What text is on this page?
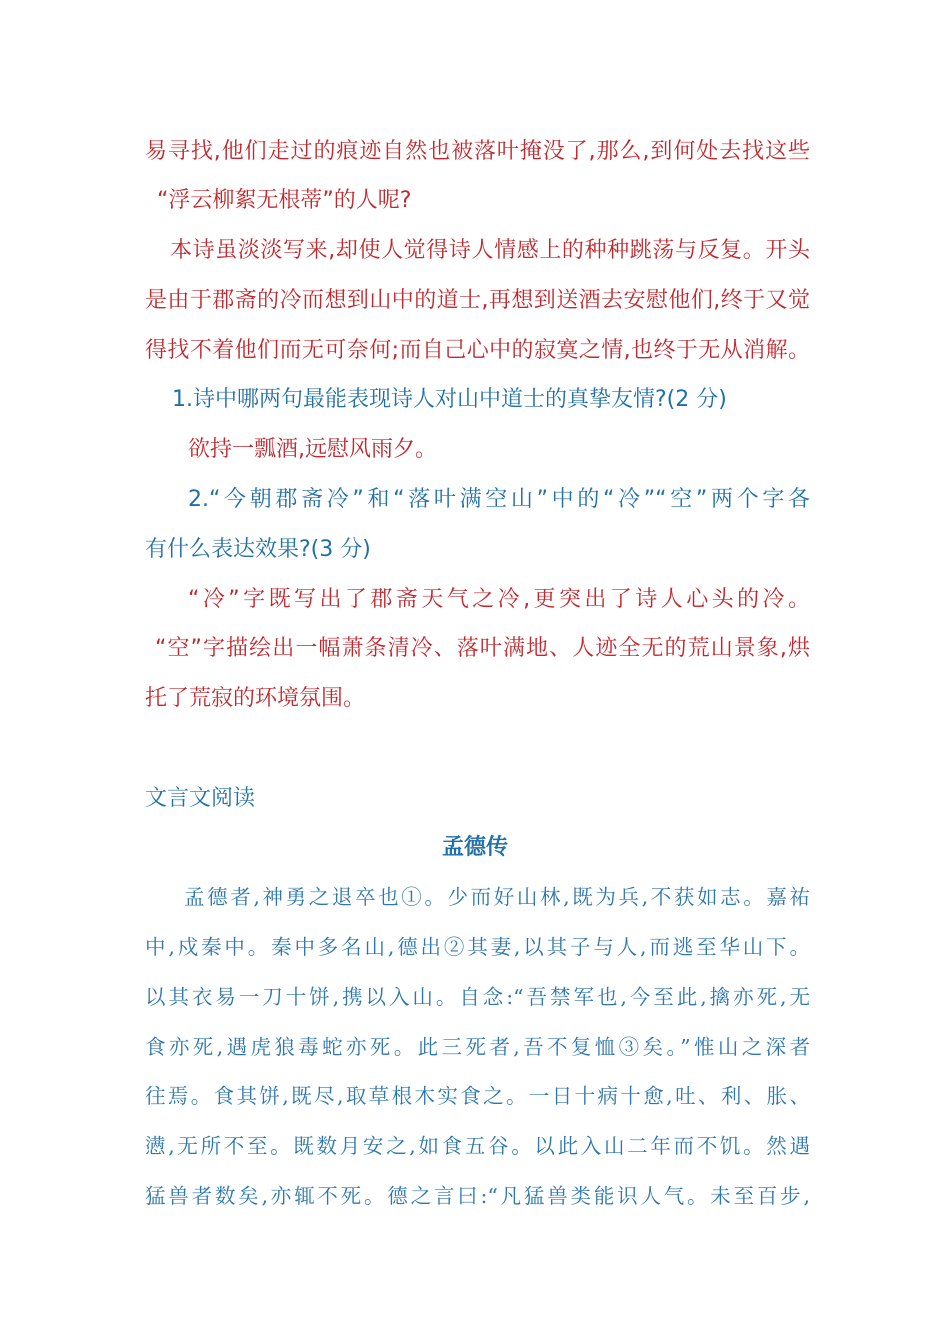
易寻找,他们走过的痕迹自然也被落叶掩没了,那么,到何处去找这些
“浮云柳絮无根蒂”的人呢?
本诗虽淡淡写来,却使人觉得诗人情感上的种种跳荡与反复。开头
是由于郡斋的冷而想到山中的道士,再想到送酒去安慰他们,终于又觉
得找不着他们而无可奈何;而自己心中的寂寞之情,也终于无从消解。
1.诗中哪两句最能表现诗人对山中道士的真挚友情?(2 分)
欲持一瓢酒,远慰风雨夕。
2.“今朝郡斋冷”和“落叶满空山”中的“冷”“空”两个字各
有什么表达效果?(3 分)
“冷”字既写出了郡斋天气之冷,更突出了诗人心头的冷。
“空”字描绘出一幅萧条清冷、落叶满地、人迹全无的荒山景象,烘
托了荒寂的环境氛围。
文言文阅读
孟德传
孟德者,神勇之退卒也①。少而好山林,既为兵,不获如志。嘉祐
中,戍秦中。秦中多名山,德出②其妻,以其子与人,而逃至华山下。
以其衣易一刀十饼,携以入山。自念:“吾禁军也,今至此,擒亦死,无
食亦死,遇虎狼毒蛇亦死。此三死者,吾不复恤③矣。”惟山之深者
往焉。食其饼,既尽,取草根木实食之。一日十病十愈,吐、利、胀、
懑,无所不至。既数月安之,如食五谷。以此入山二年而不饥。然遇
猛兽者数矣,亦辄不死。德之言曰:“凡猛兽类能识人气。未至百步,
